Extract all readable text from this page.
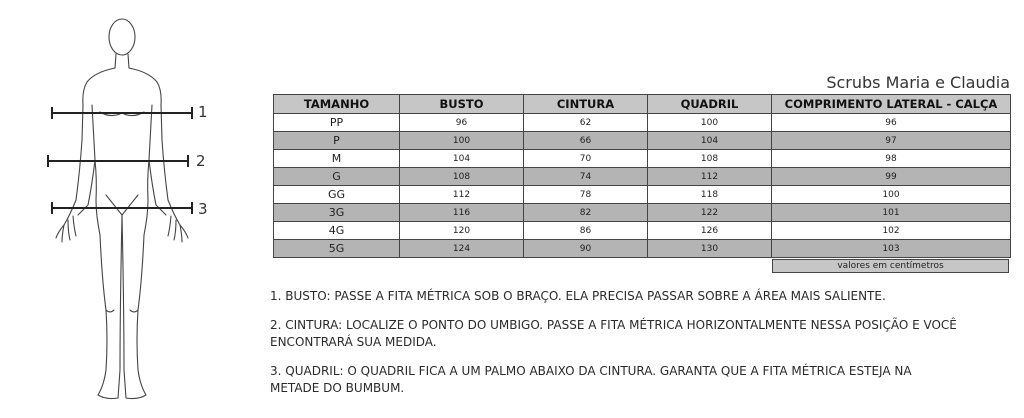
1
2
3
Scrubs Maria e Claudia
TAMANHO	BUSTO	CINTURA	QUADRIL	COMPRIMENTO LATERAL - CALÇA
PP	96	62	100	96
P	100	66	104	97
M	104	70	108	98
G	108	74	112	99
GG	112	78	118	100
3G	116	82	122	101
4G	120	86	126	102
5G	124	90	130	103
valores em centímetros
1. BUSTO: PASSE A FITA MÉTRICA SOB O BRAÇO. ELA PRECISA PASSAR SOBRE A ÁREA MAIS SALIENTE.
2. CINTURA: LOCALIZE O PONTO DO UMBIGO. PASSE A FITA MÉTRICA HORIZONTALMENTE NESSA POSIÇÃO E VOCÊ ENCONTRARÁ SUA MEDIDA.
3. QUADRIL: O QUADRIL FICA A UM PALMO ABAIXO DA CINTURA. GARANTA QUE A FITA MÉTRICA ESTEJA NA METADE DO BUMBUM.
